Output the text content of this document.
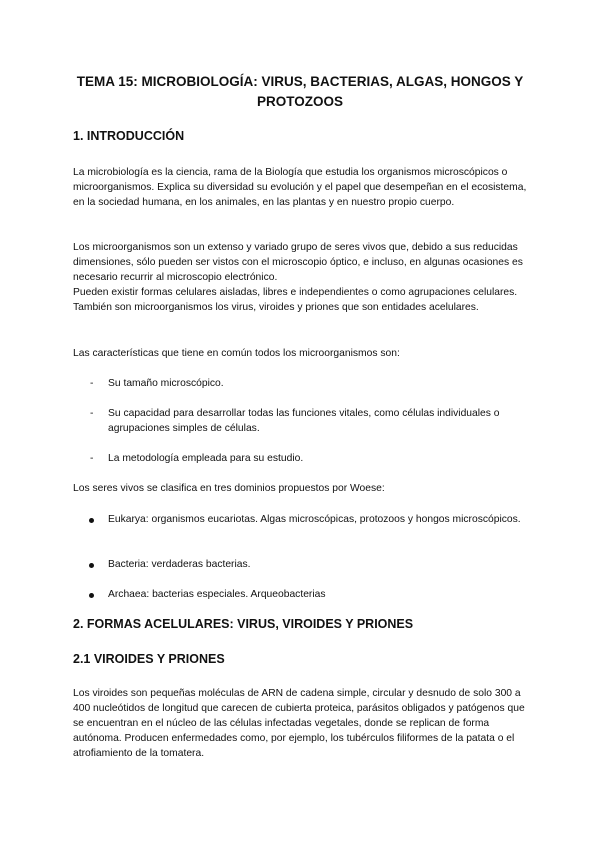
TEMA 15: MICROBIOLOGÍA: VIRUS, BACTERIAS, ALGAS, HONGOS Y PROTOZOOS
1. INTRODUCCIÓN
La microbiología es la ciencia, rama de la Biología que estudia los organismos microscópicos o microorganismos. Explica su diversidad su evolución y el papel que desempeñan en el ecosistema, en la sociedad humana, en los animales, en las plantas y en nuestro propio cuerpo.
Los microorganismos son un extenso y variado grupo de seres vivos que, debido a sus reducidas dimensiones, sólo pueden ser vistos con el microscopio óptico, e incluso, en algunas ocasiones es necesario recurrir al microscopio electrónico.
Pueden existir formas celulares aisladas, libres e independientes o como agrupaciones celulares. También son microorganismos los virus, viroides y priones que son entidades acelulares.
Las características que tiene en común todos los microorganismos son:
- Su tamaño microscópico.
- Su capacidad para desarrollar todas las funciones vitales, como células individuales o agrupaciones simples de células.
- La metodología empleada para su estudio.
Los seres vivos se clasifica en tres dominios propuestos por Woese:
Eukarya: organismos eucariotas. Algas microscópicas, protozoos y hongos microscópicos.
Bacteria: verdaderas bacterias.
Archaea: bacterias especiales. Arqueobacterias
2. FORMAS ACELULARES: VIRUS, VIROIDES Y PRIONES
2.1 VIROIDES Y PRIONES
Los viroides son pequeñas moléculas de ARN de cadena simple, circular y desnudo de solo 300 a 400 nucleótidos de longitud que carecen de cubierta proteica, parásitos obligados y patógenos que se encuentran en el núcleo de las células infectadas vegetales, donde se replican de forma autónoma. Producen enfermedades como, por ejemplo, los tubérculos filiformes de la patata o el atrofiamiento de la tomatera.
